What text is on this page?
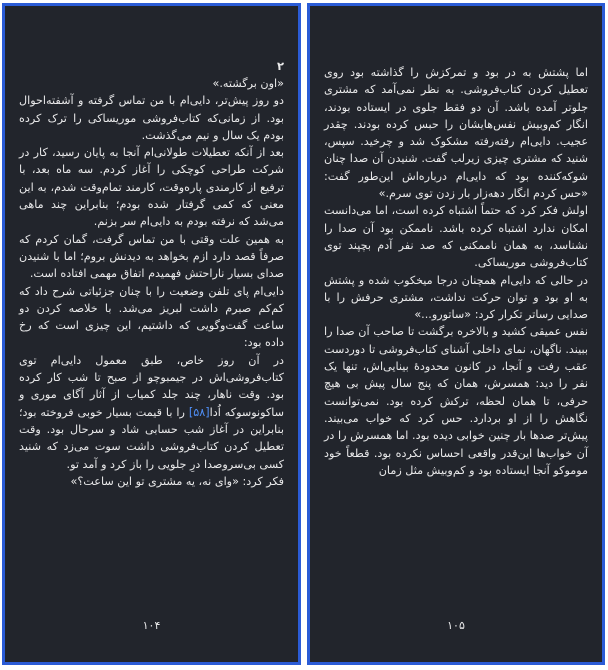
۲

«اون برگشته.»

دو روز پیش‌تر، دایی‌ام با من تماس گرفته و آشفته‌احوال بود. از زمانی‌که کتاب‌فروشی موریساکی را ترک کرده بودم یک سال و نیم می‌گذشت.

بعد از آنکه تعطیلات طولانی‌ام آنجا به پایان رسید، کار در شرکت طراحی کوچکی را آغاز کردم. سه ماه بعد، با ترفیع از کارمندی پاره‌وقت، کارمند تمام‌وقت شدم، به این معنی که کمی گرفتار شده بودم؛ بنابراین چند ماهی می‌شد که نرفته بودم به دایی‌ام سر بزنم.

به همین علت وقتی با من تماس گرفت، گمان کردم که صرفاً قصد دارد ازم بخواهد به دیدنش بروم؛ اما با شنیدن صدای بسیار ناراحتش فهمیدم اتفاق مهمی افتاده است.

دایی‌ام پای تلفن وضعیت را با چنان جزئیاتی شرح داد که کم‌کم صبرم داشت لبریز می‌شد. با خلاصه کردن دو ساعت گفت‌وگویی که داشتیم، این چیزی است که رخ داده بود:

در آن روز خاص، طبق معمول دایی‌ام توی کتاب‌فروشی‌اش در جیمبوچو از صبح تا شب کار کرده بود. وقت ناهار، چند جلد کمیاب از آثار آگای موری و ساکونوسوکه اُدا[۵۸] را با قیمت بسیار خوبی فروخته بود؛ بنابراین در آغاز شب حسابی شاد و سرحال بود. وقت تعطیل کردن کتاب‌فروشی داشت سوت می‌زد که شنید کسی بی‌سروصدا درِ جلویی را باز کرد و آمد تو.

فکر کرد: «وای نه، یه مشتری تو این ساعت؟»

۱۰۴

اما پشتش به در بود و تمرکزش را گذاشته بود روی تعطیل کردن کتاب‌فروشی. به نظر نمی‌آمد که مشتری جلوتر آمده باشد. آن دو فقط جلوی در ایستاده بودند، انگار کم‌وبیش نفس‌هایشان را حبس کرده بودند. چقدر عجیب. دایی‌ام رفته‌رفته مشکوک شد و چرخید. سپس، شنید که مشتری چیزی زیرلب گفت. شنیدن آن صدا چنان شوکه‌کننده بود که دایی‌ام درباره‌اش این‌طور گفت: «حس کردم انگار دهه‌زار بار زدن توی سرم.»

اولش فکر کرد که حتماً اشتباه کرده است، اما می‌دانست امکان ندارد اشتباه کرده باشد. ناممکن بود آن صدا را نشناسد، به همان ناممکنی که صد نفر آدم بچپند توی کتاب‌فروشی موریساکی.

در حالی که دایی‌ام همچنان درجا میخکوب شده و پشتش به او بود و توان حرکت نداشت، مشتری حرفش را با صدایی رساتر تکرار کرد: «ساتورو...»

نفس عمیقی کشید و بالاخره برگشت تا صاحب آن صدا را ببیند. ناگهان، نمای داخلی آشنای کتاب‌فروشی تا دوردست عقب رفت و آنجا، در کانون محدودهٔ بینایی‌اش، تنها یک نفر را دید: همسرش، همان که پنج سال پیش بی هیچ حرفی، تا همان لحظه، ترکش کرده بود. نمی‌توانست نگاهش را از او بردارد. حس کرد که خواب می‌بیند. پیش‌تر صدها بار چنین خوابی دیده بود. اما همسرش را در آن خواب‌ها این‌قدر واقعی احساس نکرده بود. قطعاً خود موموکو آنجا ایستاده بود و کم‌وبیش مثل زمان

۱۰۵
